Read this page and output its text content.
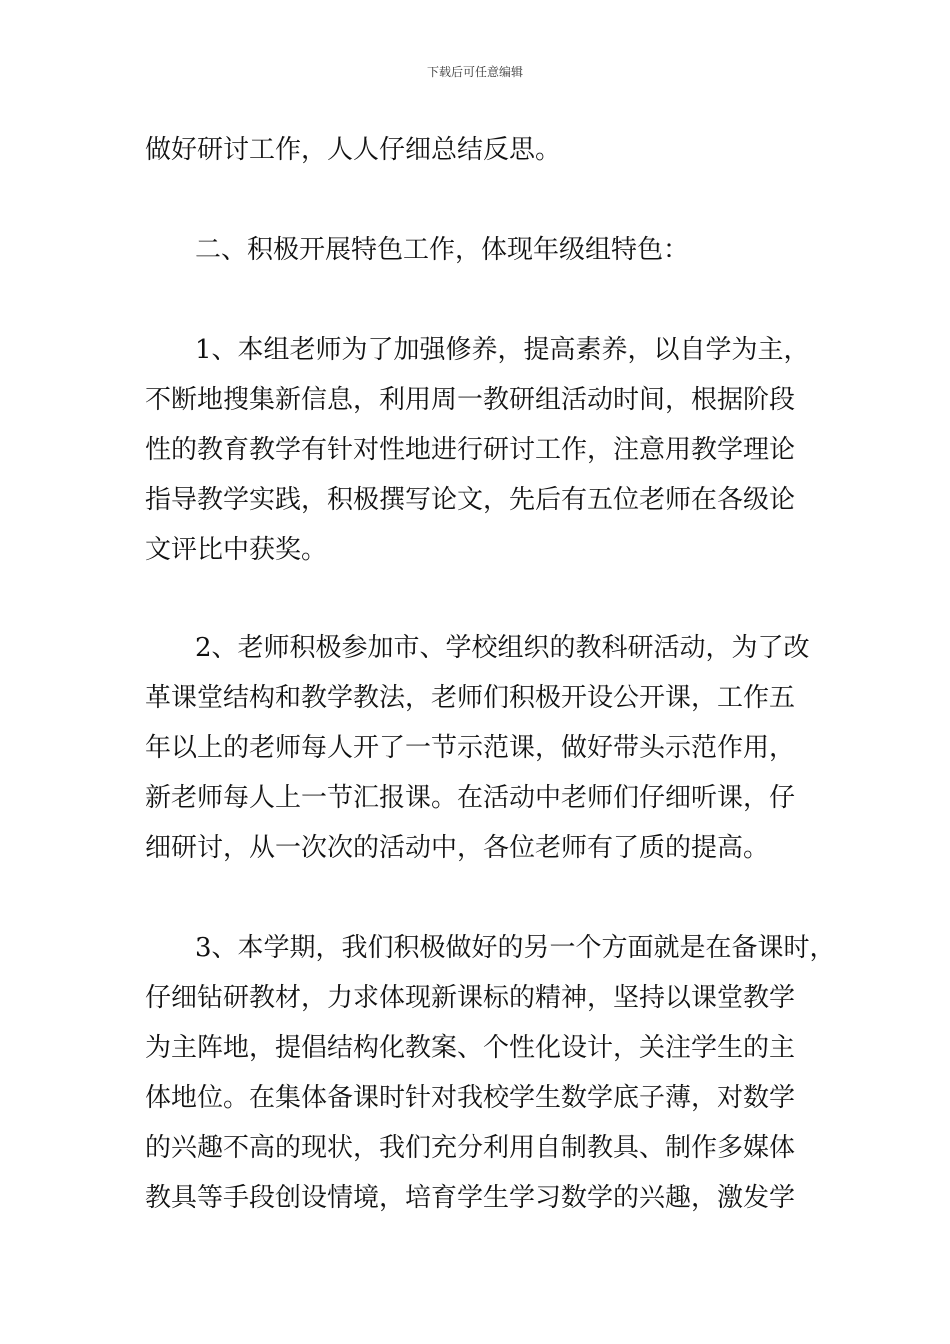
下载后可任意编辑
做好研讨工作，人人仔细总结反思。
二、积极开展特色工作，体现年级组特色：
1、本组老师为了加强修养，提高素养，以自学为主，
不断地搜集新信息，利用周一教研组活动时间，根据阶段
性的教育教学有针对性地进行研讨工作，注意用教学理论
指导教学实践，积极撰写论文，先后有五位老师在各级论
文评比中获奖。
2、老师积极参加市、学校组织的教科研活动，为了改
革课堂结构和教学教法，老师们积极开设公开课，工作五
年以上的老师每人开了一节示范课，做好带头示范作用，
新老师每人上一节汇报课。在活动中老师们仔细听课，仔
细研讨，从一次次的活动中，各位老师有了质的提高。
3、本学期，我们积极做好的另一个方面就是在备课时，
仔细钻研教材，力求体现新课标的精神，坚持以课堂教学
为主阵地，提倡结构化教案、个性化设计，关注学生的主
体地位。在集体备课时针对我校学生数学底子薄，对数学
的兴趣不高的现状，我们充分利用自制教具、制作多媒体
教具等手段创设情境，培育学生学习数学的兴趣，激发学
